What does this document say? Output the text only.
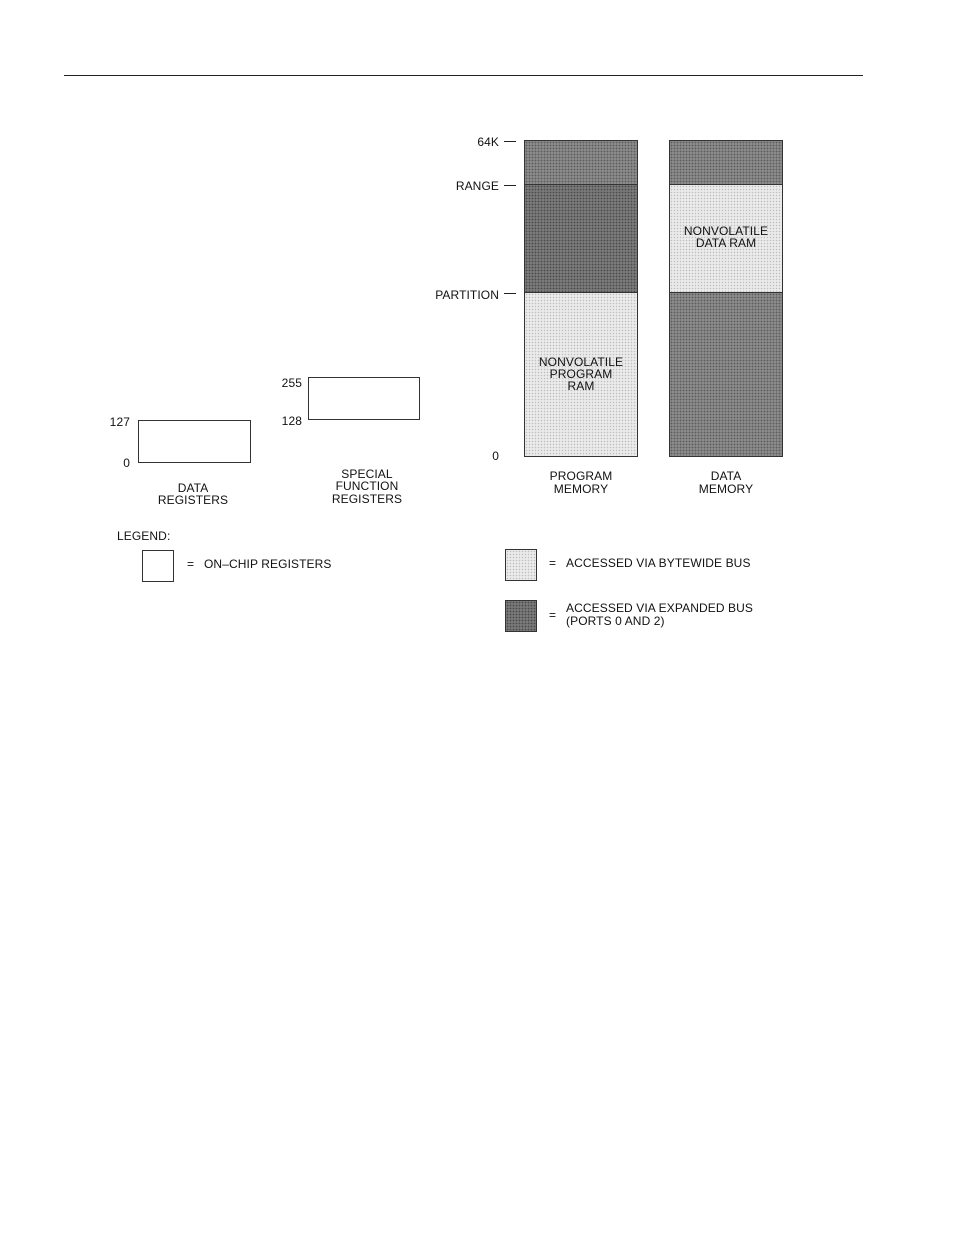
127
0
DATA
REGISTERS
255
128
SPECIAL
FUNCTION
REGISTERS
64K
RANGE
PARTITION
0
NONVOLATILE
PROGRAM
RAM
PROGRAM
MEMORY
NONVOLATILE
DATA RAM
DATA
MEMORY
LEGEND:
= ON–CHIP REGISTERS	= ACCESSED VIA BYTEWIDE BUS
= ACCESSED VIA EXPANDED BUS
(PORTS 0 AND 2)
